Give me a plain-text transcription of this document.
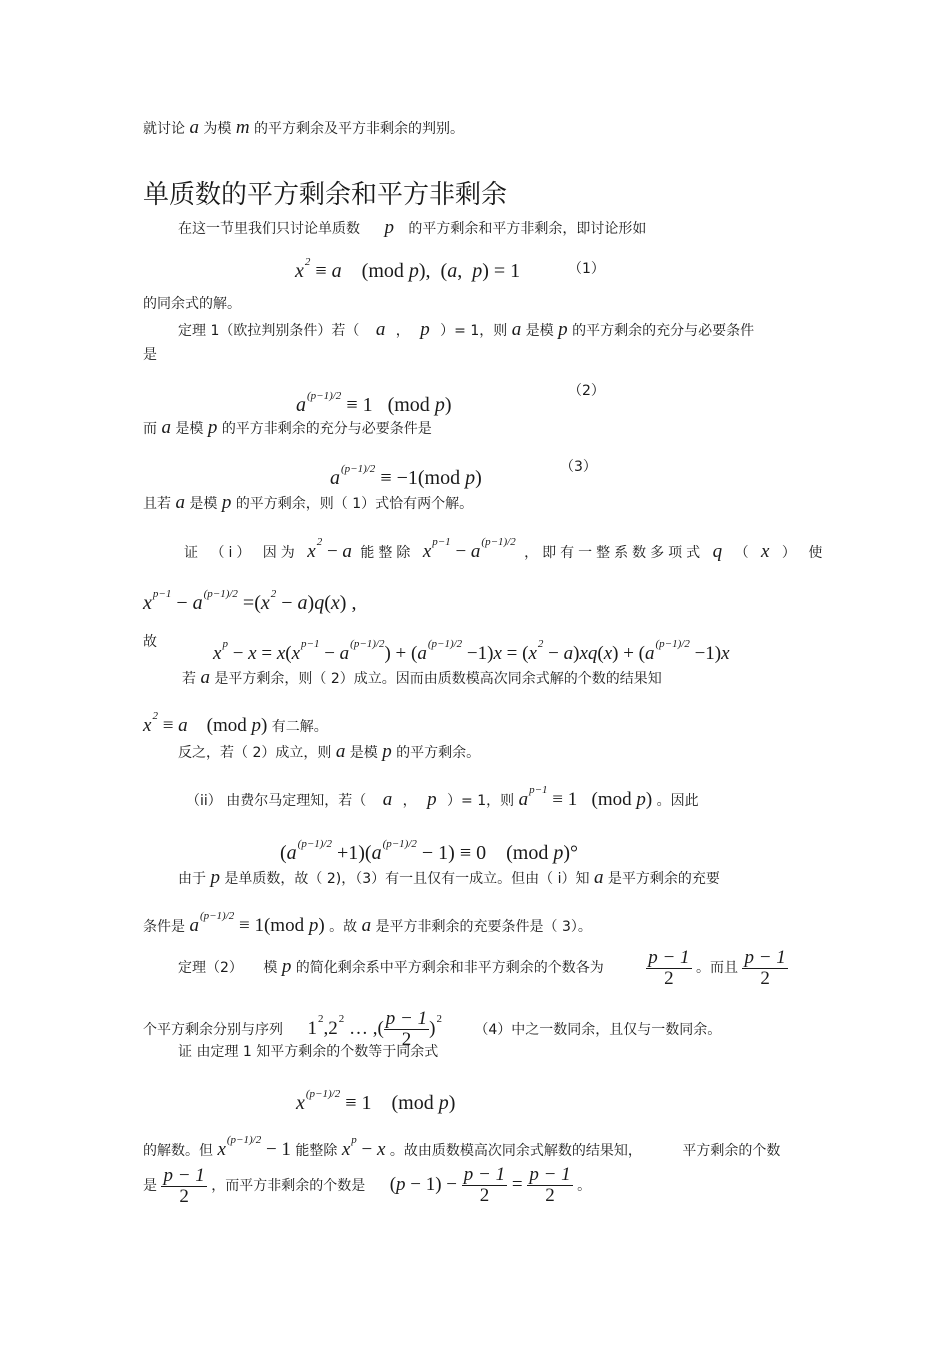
就讨论 a 为模 m 的平方剩余及平方非剩余的判别。
单质数的平方剩余和平方非剩余
在这一节里我们只讨论单质数 p 的平方剩余和平方非剩余，即讨论形如
$x^2 \equiv a$    (mod p),  (a,  p) = 1	（1）
的同余式的解。
定理 1（欧拉判别条件）若（ a ， p ）= 1，则 a 是模 p 的平方剩余的充分与必要条件
是
$a^{(p-1)/2} \equiv 1$   (mod p)
（2）
而 a 是模 p 的平方非剩余的充分与必要条件是
$a^{(p-1)/2} \equiv -1(mod$ p)	（3）
且若 a 是模 p 的平方剩余，则（ 1）式恰有两个解。
证 （i） 因为 $x^2 - a$ 能整除 $x^{p-1} - a^{(p-1)/2}$ ，即有一整系数多项式 q （ x ） 使
$x^{p-1} - a^{(p-1)/2} =(x^2 - a)q(x)$ ,
故
$x^p - x = x(x^{p-1} - a^{(p-1)/2}) + (a^{(p-1)/2} -1)x = (x^2 - a)xq(x) + (a^{(p-1)/2} -1)x$
若 a 是平方剩余，则（ 2）成立。因而由质数模高次同余式解的个数的结果知
$x^2 \equiv a$    (mod p) 有二解。
反之，若（ 2）成立，则 a 是模 p 的平方剩余。
（ii） 由费尔马定理知，若（ a ， p ）= 1，则 $a^{p-1} \equiv 1$   (mod p) 。因此
$(a^{(p-1)/2} +1)(a^{(p-1)/2} - 1) \equiv 0$    (mod p)°
由于 p 是单质数，故（ 2)，（3）有一且仅有一成立。但由（ i）知 a 是平方剩余的充要
条件是 $a^{(p-1)/2} \equiv 1(mod$ p) 。故 a 是平方非剩余的充要条件是（ 3）。
定理（2） 模 p 的简化剩余系中平方剩余和非平方剩余的个数各为 $\frac{p - 1}{2}$ 。而且 $\frac{p - 1}{2}$
个平方剩余分别与序列 $1^2,2^2$ … ,( $\frac{p - 1}{2} )^2$ （4）中之一数同余，且仅与一数同余。
证 由定理 1 知平方剩余的个数等于同余式
$x^{(p-1)/2} \equiv 1$    (mod p)
的解数。但 $x^{(p-1)/2} - 1$ 能整除 $x^p - x$ 。故由质数模高次同余式解数的结果知，	平方剩余的个数
是 $\frac{p - 1}{2}$ ，而平方非剩余的个数是 $(p - 1) - \frac{p - 1}{2} = \frac{p - 1}{2}$ 。
